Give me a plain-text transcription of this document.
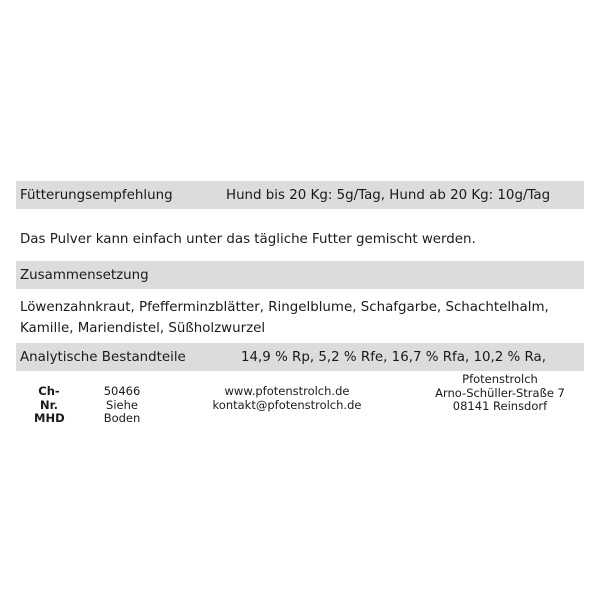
Fütterungsempfehlung	Hund bis 20 Kg: 5g/Tag, Hund ab 20 Kg: 10g/Tag
Das Pulver kann einfach unter das tägliche Futter gemischt werden.
Zusammensetzung
Löwenzahnkraut, Pfefferminzblätter, Ringelblume, Schafgarbe, Schachtelhalm, Kamille, Mariendistel, Süßholzwurzel
Analytische Bestandteile	14,9 % Rp, 5,2 % Rfe, 16,7 % Rfa, 10,2 % Ra,
Ch-Nr.
MHD
50466
Siehe Boden
www.pfotenstrolch.de
kontakt@pfotenstrolch.de
Pfotenstrolch
Arno-Schüller-Straße 7
08141 Reinsdorf
